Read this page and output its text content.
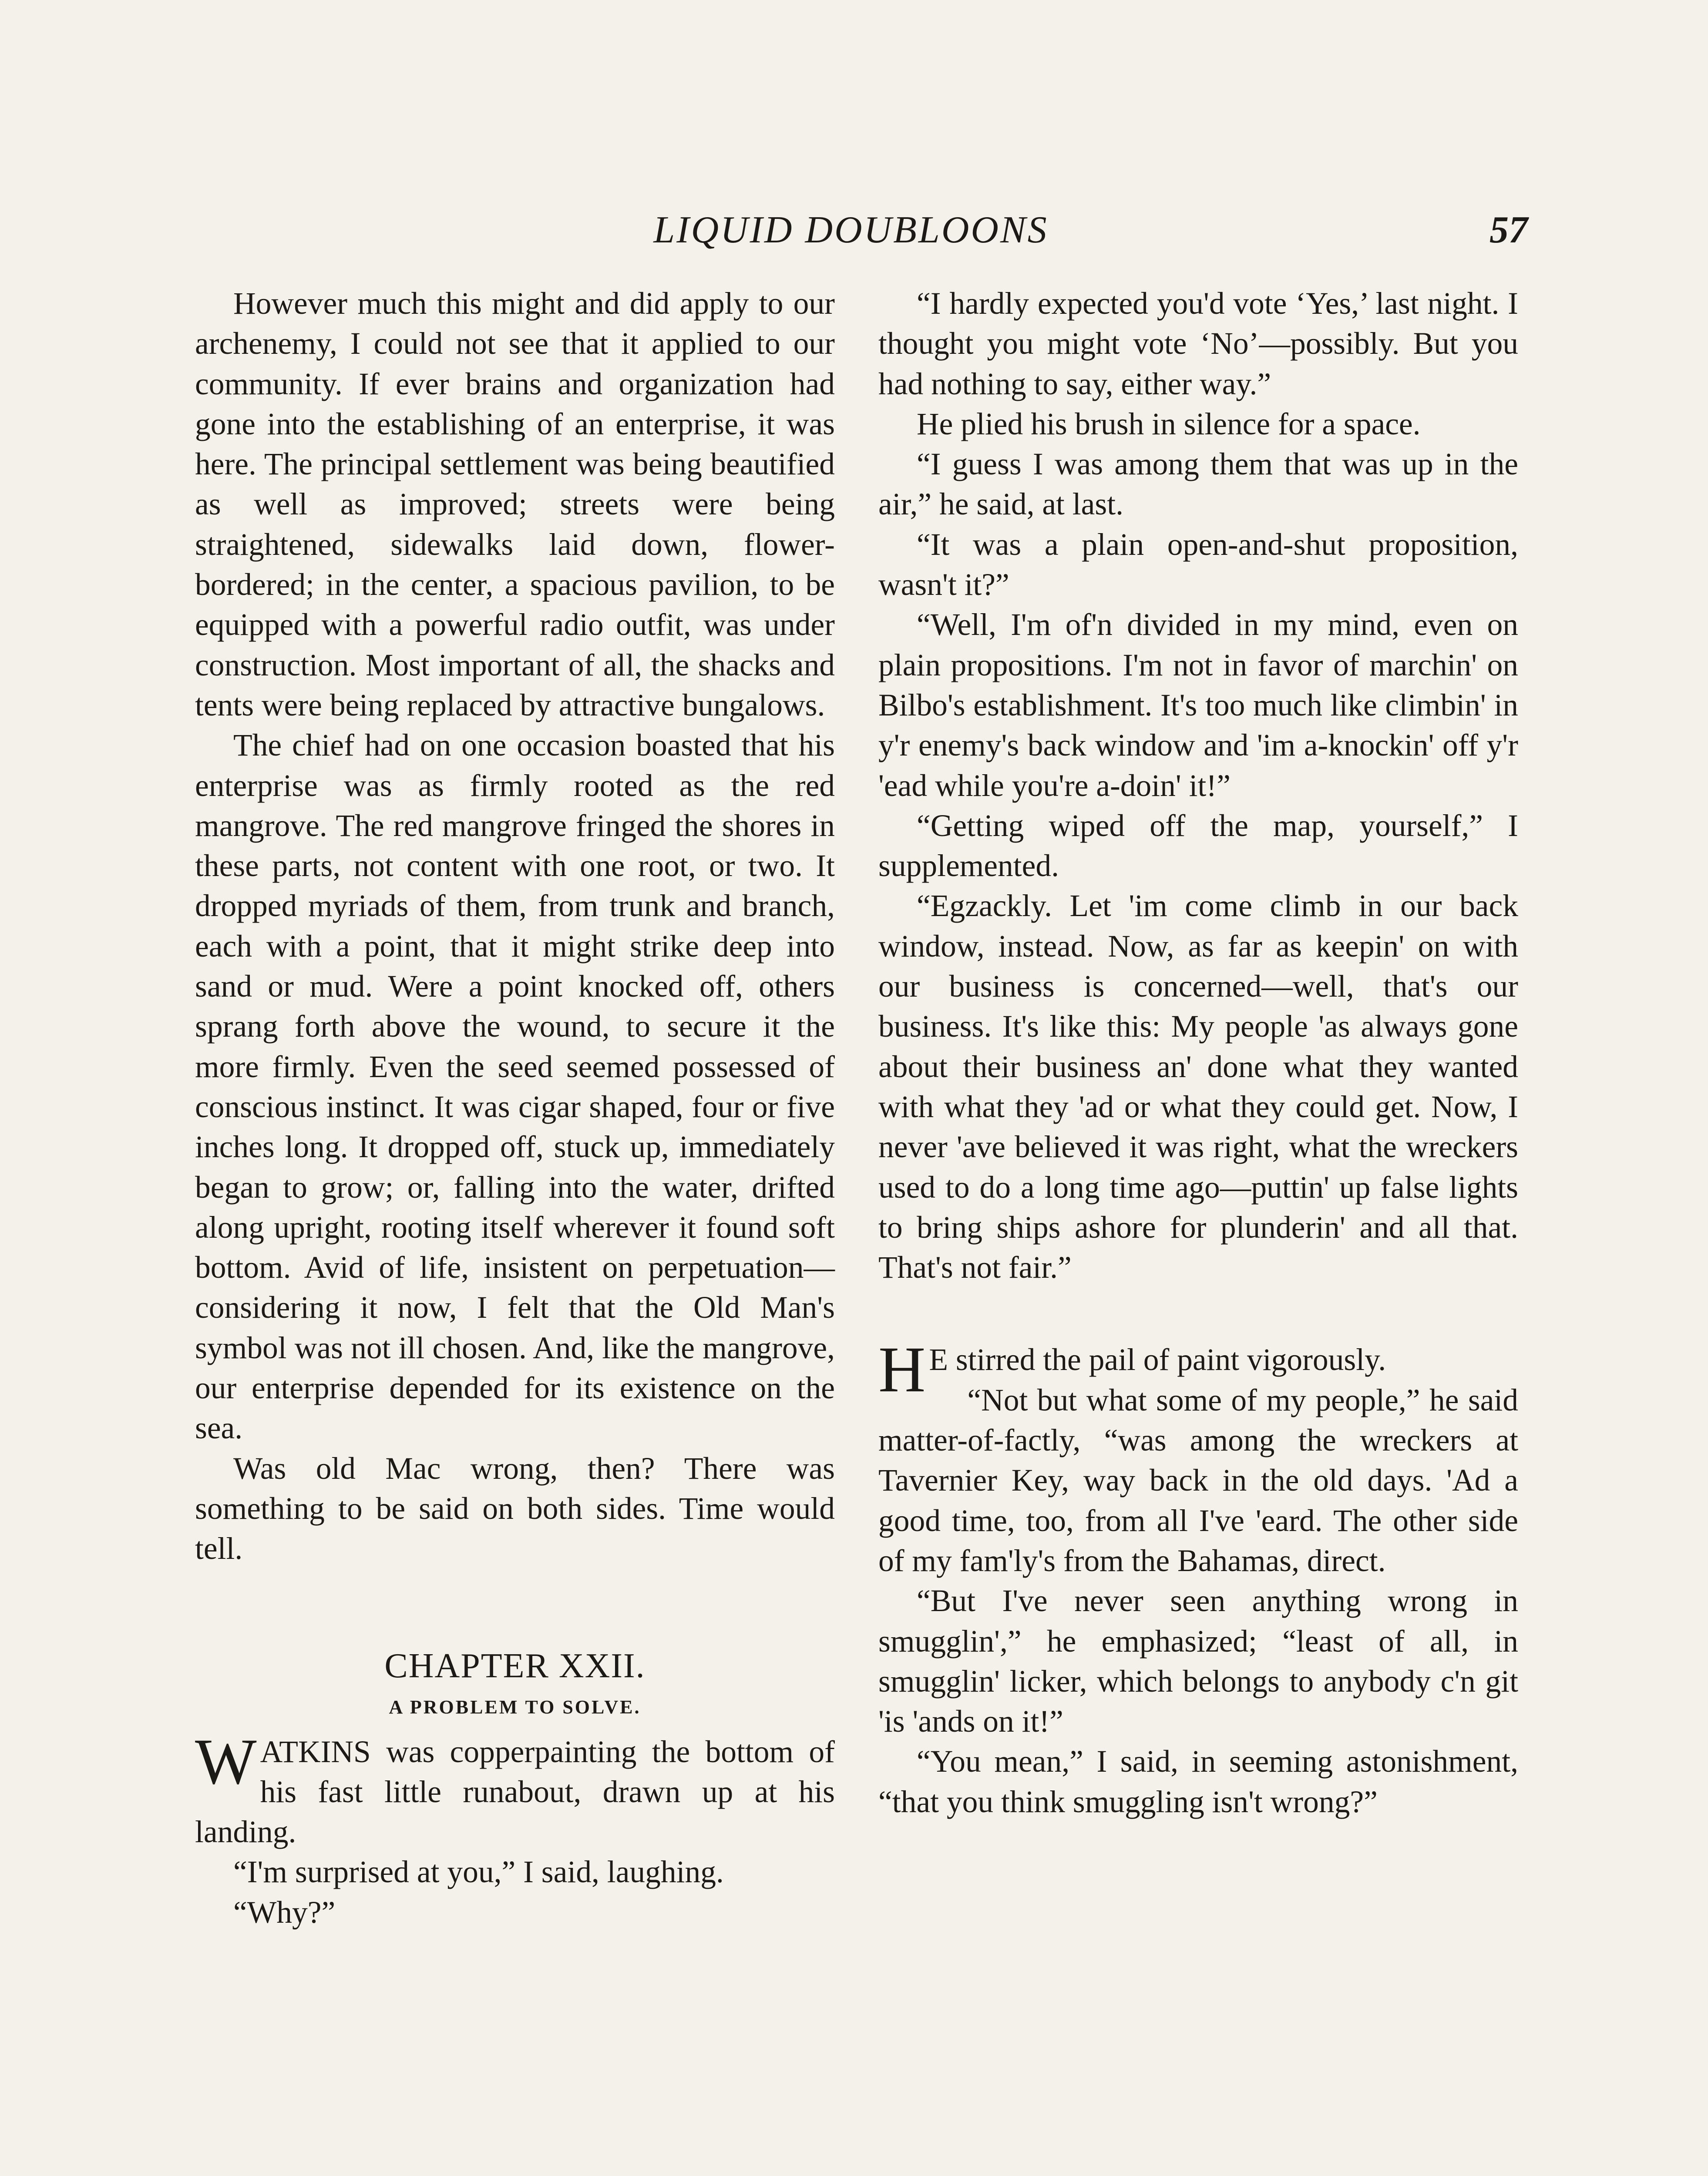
LIQUID DOUBLOONS	57

However much this might and did apply to our archenemy, I could not see that it applied to our community. If ever brains and organization had gone into the establishing of an enterprise, it was here. The principal settlement was being beautified as well as improved; streets were being straightened, sidewalks laid down, flower-bordered; in the center, a spacious pavilion, to be equipped with a powerful radio outfit, was under construction. Most important of all, the shacks and tents were being replaced by attractive bungalows.

The chief had on one occasion boasted that his enterprise was as firmly rooted as the red mangrove. The red mangrove fringed the shores in these parts, not content with one root, or two. It dropped myriads of them, from trunk and branch, each with a point, that it might strike deep into sand or mud. Were a point knocked off, others sprang forth above the wound, to secure it the more firmly. Even the seed seemed possessed of conscious instinct. It was cigar shaped, four or five inches long. It dropped off, stuck up, immediately began to grow; or, falling into the water, drifted along upright, rooting itself wherever it found soft bottom. Avid of life, insistent on perpetuation—considering it now, I felt that the Old Man's symbol was not ill chosen. And, like the mangrove, our enterprise depended for its existence on the sea.

Was old Mac wrong, then? There was something to be said on both sides. Time would tell.

CHAPTER XXII.
A PROBLEM TO SOLVE.

WATKINS was copperpainting the bottom of his fast little runabout, drawn up at his landing.

“I'm surprised at you,” I said, laughing.

“Why?”

“I hardly expected you'd vote ‘Yes,’ last night. I thought you might vote ‘No’—possibly. But you had nothing to say, either way.”

He plied his brush in silence for a space.

“I guess I was among them that was up in the air,” he said, at last.

“It was a plain open-and-shut proposition, wasn't it?”

“Well, I'm of'n divided in my mind, even on plain propositions. I'm not in favor of marchin' on Bilbo's establishment. It's too much like climbin' in y'r enemy's back window and 'im a-knockin' off y'r 'ead while you're a-doin' it!”

“Getting wiped off the map, yourself,” I supplemented.

“Egzackly. Let 'im come climb in our back window, instead. Now, as far as keepin' on with our business is concerned—well, that's our business. It's like this: My people 'as always gone about their business an' done what they wanted with what they 'ad or what they could get. Now, I never 'ave believed it was right, what the wreckers used to do a long time ago—puttin' up false lights to bring ships ashore for plunderin' and all that. That's not fair.”

H E stirred the pail of paint vigorously.

“Not but what some of my people,” he said matter-of-factly, “was among the wreckers at Tavernier Key, way back in the old days. 'Ad a good time, too, from all I've 'eard. The other side of my fam'ly's from the Bahamas, direct.

“But I've never seen anything wrong in smugglin',” he emphasized; “least of all, in smugglin' licker, which belongs to anybody c'n git 'is 'ands on it!”

“You mean,” I said, in seeming astonishment, “that you think smuggling isn't wrong?”
